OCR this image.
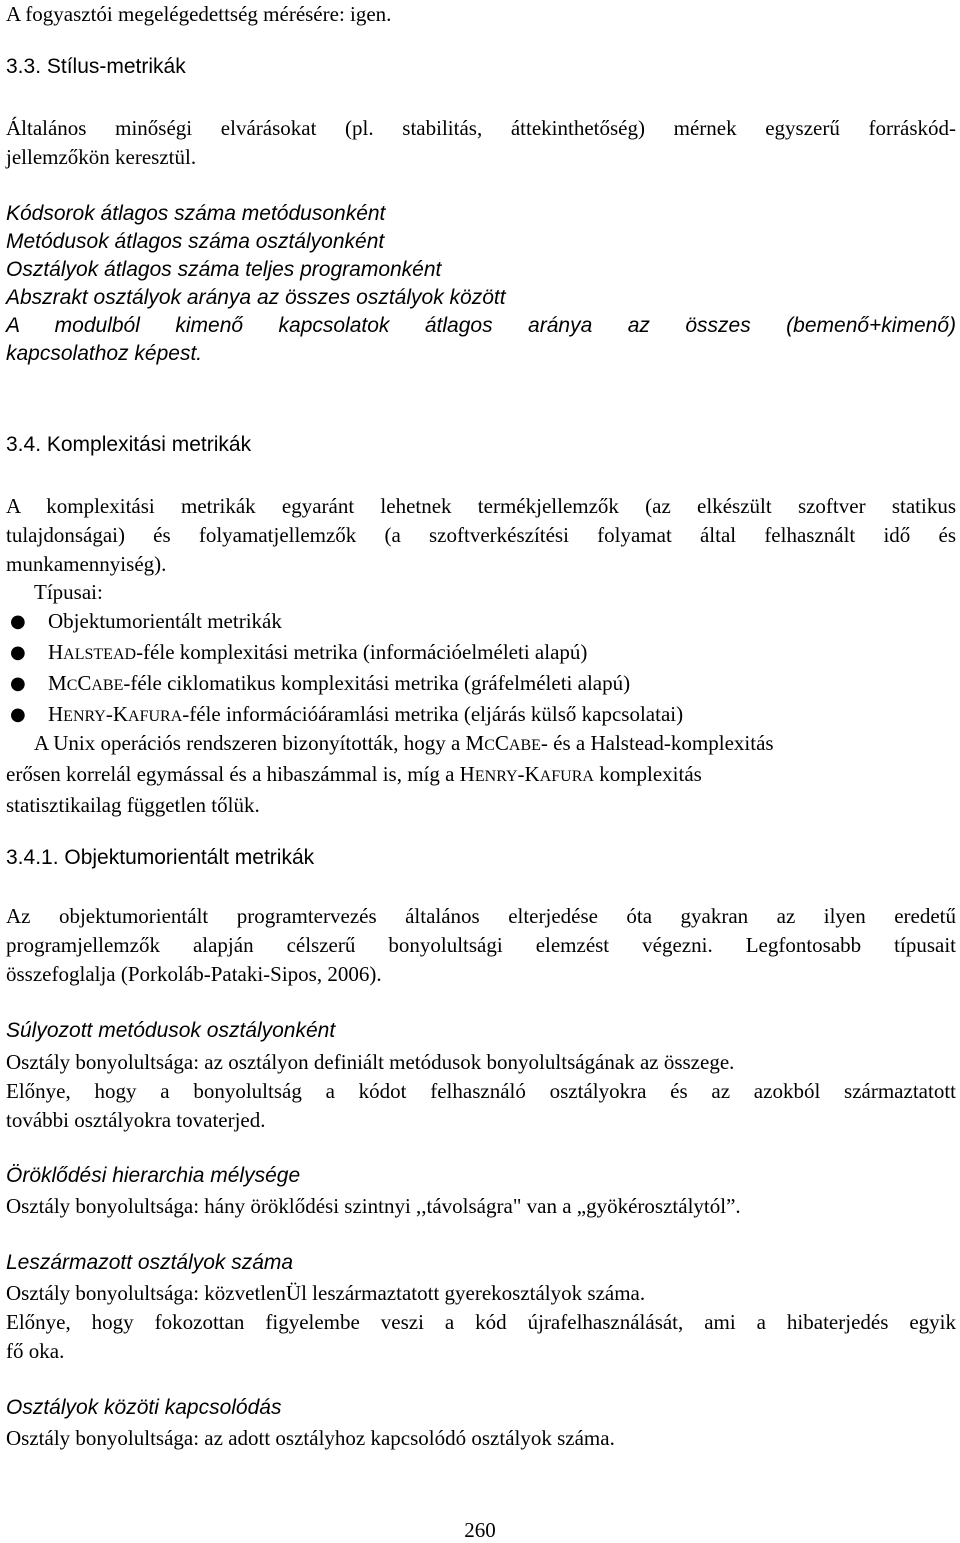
A fogyasztói megelégedettség mérésére: igen.

3.3. Stílus-metrikák
Általános minőségi elvárásokat (pl. stabilitás, áttekinthetőség) mérnek egyszerű forráskód-
jellemzőkön keresztül.
Kódsorok átlagos száma metódusonként
Metódusok átlagos száma osztályonként
Osztályok átlagos száma teljes programonként
Abszrakt osztályok aránya az összes osztályok között
A modulból kimenő kapcsolatok átlagos aránya az összes (bemenő+kimenő)
kapcsolathoz képest.
3.4. Komplexitási metrikák
A komplexitási metrikák egyaránt lehetnek termékjellemzők (az elkészült szoftver statikus
tulajdonságai) és folyamatjellemzők (a szoftverkészítési folyamat által felhasznált idő és
munkamennyiség).
Típusai:
● Objektumorientált metrikák
● HALSTEAD-féle komplexitási metrika (információelméleti alapú)
● MCCABE-féle ciklomatikus komplexitási metrika (gráfelméleti alapú)
● HENRY-KAFURA-féle információáramlási metrika (eljárás külső kapcsolatai)
A Unix operációs rendszeren bizonyították, hogy a MCCABE- és a Halstead-komplexitás
erősen korrelál egymással és a hibaszámmal is, míg a HENRY-KAFURA komplexitás
statisztikailag független tőlük.
3.4.1. Objektumorientált metrikák
Az objektumorientált programtervezés általános elterjedése óta gyakran az ilyen eredetű
programjellemzők alapján célszerű bonyolultsági elemzést végezni. Legfontosabb típusait
összefoglalja (Porkoláb-Pataki-Sipos, 2006).
Súlyozott metódusok osztályonként
Osztály bonyolultsága: az osztályon definiált metódusok bonyolultságának az összege.
Előnye, hogy a bonyolultság a kódot felhasználó osztályokra és az azokból származtatott
további osztályokra tovaterjed.
Öröklődési hierarchia mélysége
Osztály bonyolultsága: hány öröklődési szintnyi ,,távolságra" van a „gyökérosztálytól”.
Leszármazott osztályok száma
Osztály bonyolultsága: közvetlenÜl leszármaztatott gyerekosztályok száma.
Előnye, hogy fokozottan figyelembe veszi a kód újrafelhasználását, ami a hibaterjedés egyik
fő oka.
Osztályok közöti kapcsolódás
Osztály bonyolultsága: az adott osztályhoz kapcsolódó osztályok száma.
260
